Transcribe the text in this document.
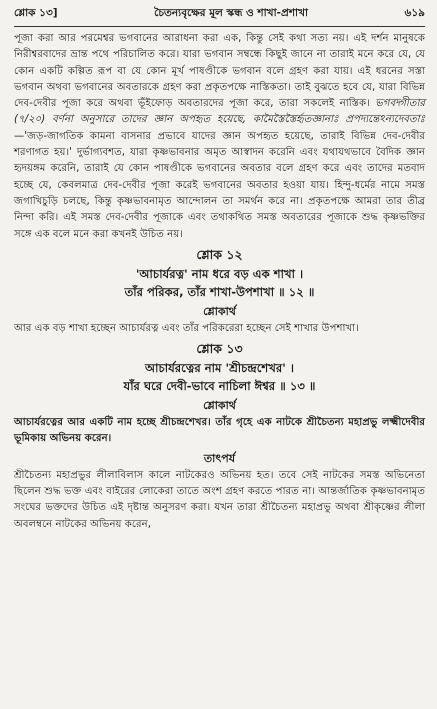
শ্লোক ১৩]	চৈতন্যবৃক্ষের মূল স্কন্ধ ও শাখা-প্রশাখা	৬১৯

পূজা করা আর পরমেশ্বর ভগবানের আরাধনা করা এক, কিন্তু সেই কথা সত্য নয়। এই দর্শন মানুষকে নিরীশ্বরবাদের ভ্রান্ত পথে পরিচালিত করে। যারা ভগবান সম্বন্ধে কিছুই জানে না তারাই মনে করে যে, যে কোন একটি কল্পিত রূপ বা যে কোন মূর্খ পাষণ্ডীকে ভগবান বলে গ্রহণ করা যায়। এই ধরনের সস্তা ভগবান অথবা ভগবানের অবতারকে গ্রহণ করা প্রকৃতপক্ষে নাস্তিকতা। তাই বুঝতে হবে যে, যারা বিভিন্ন দেব-দেবীর পূজা করে অথবা ভূঁইফোড় অবতারদের পূজা করে, তারা সকলেই নাস্তিক। ভগবদ্গীতার (৭/২০) বর্ণনা অনুসারে তাদের জ্ঞান অপহৃত হয়েছে, কামৈস্তৈস্তৈর্হৃতজ্ঞানাঃ প্রপদ্যন্তেঽন্যদেবতাঃ—'জড়-জাগতিক কামনা বাসনার প্রভাবে যাদের জ্ঞান অপহৃত হয়েছে, তারাই বিভিন্ন দেব-দেবীর শরণাগত হয়।' দুর্ভাগ্যবশত, যারা কৃষ্ণভাবনার অমৃত আস্বাদন করেনি এবং যথাযথভাবে বৈদিক জ্ঞান হৃদয়ঙ্গম করেনি, তারাই যে কোন পাষণ্ডীকে ভগবানের অবতার বলে গ্রহণ করে এবং তাদের মতবাদ হচ্ছে যে, কেবলমাত্র দেব-দেবীর পূজা করেই ভগবানের অবতার হওয়া যায়। হিন্দু-ধর্মের নামে সমস্ত জগাখিচুড়ি চলছে, কিন্তু কৃষ্ণভাবনামৃত আন্দোলন তা সমর্থন করে না। প্রকৃতপক্ষে আমরা তার তীব্র নিন্দা করি। এই সমস্ত দেব-দেবীর পূজাকে এবং তথাকথিত সমস্ত অবতারের পূজাকে শুদ্ধ কৃষ্ণভক্তির সঙ্গে এক বলে মনে করা কখনই উচিত নয়।

শ্লোক ১২
'আচার্যরত্ন' নাম ধরে বড় এক শাখা ।
তাঁর পরিকর, তাঁর শাখা-উপশাখা ॥ ১২ ॥
শ্লোকার্থ

আর এক বড় শাখা হচ্ছেন আচার্যরত্ন এবং তাঁর পরিকরেরা হচ্ছেন সেই শাখার উপশাখা।

শ্লোক ১৩
আচার্যরত্নের নাম 'শ্রীচন্দ্রশেখর' ।
যাঁর ঘরে দেবী-ভাবে নাচিলা ঈশ্বর ॥ ১৩ ॥
শ্লোকার্থ

আচার্যরত্নের আর একটি নাম হচ্ছে শ্রীচন্দ্রশেখর। তাঁর গৃহে এক নাটকে শ্রীচৈতন্য মহাপ্রভু লক্ষ্মীদেবীর ভূমিকায় অভিনয় করেন।

তাৎপর্য

শ্রীচৈতন্য মহাপ্রভুর লীলাবিলাস কালে নাটকেরও অভিনয় হত। তবে সেই নাটকের সমস্ত অভিনেতা ছিলেন শুদ্ধ ভক্ত এবং বাইরের লোকেরা তাতে অংশ গ্রহণ করতে পারত না। আন্তর্জাতিক কৃষ্ণভাবনামৃত সংঘের ভক্তদের উচিত এই দৃষ্টান্ত অনুসরণ করা। যখন তারা শ্রীচৈতন্য মহাপ্রভু অথবা শ্রীকৃষ্ণের লীলা অবলম্বনে নাটকের অভিনয় করেন,
